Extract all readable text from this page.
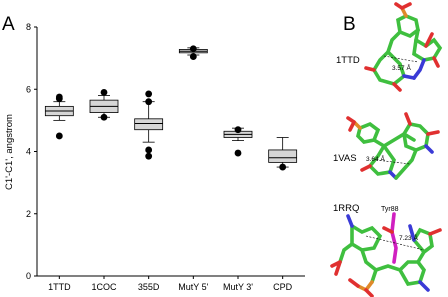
A	B
0
2
4
6
8
1TTD 1COC 355D MutY 5' MutY 3' CPD
C1'-C1', angstrom
1TTD
3.57 Å
1VAS 3.64 Å
1RRQ	Tyr88
7.23 Å
